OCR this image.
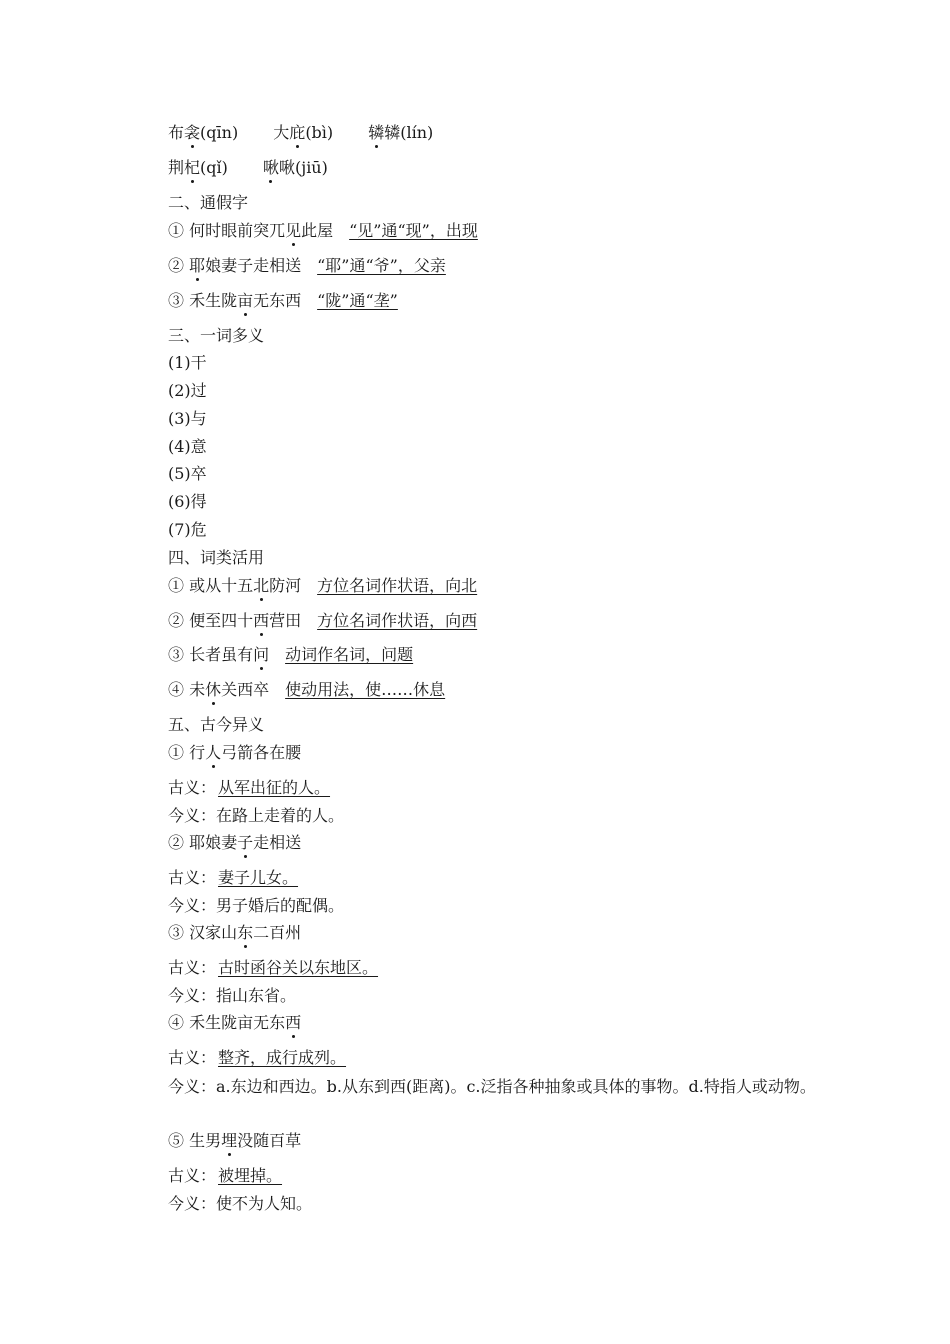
布衾(qīn) 大庇(bì) 辚辚(lín)
荆杞(qǐ) 啾啾(jiū)
二、通假字
① 何时眼前突兀见此屋 “见”通“现”，出现
② 耶娘妻子走相送 “耶”通“爷”，父亲
③ 禾生陇亩无东西 “陇”通“垄”
三、一词多义
(1)干
(2)过
(3)与
(4)意
(5)卒
(6)得
(7)危
四、词类活用
① 或从十五北防河 方位名词作状语，向北
② 便至四十西营田 方位名词作状语，向西
③ 长者虽有问 动词作名词，问题
④ 未休关西卒 使动用法，使……休息
五、古今异义
① 行人弓箭各在腰
古义： 从军出征的人。
今义：在路上走着的人。
② 耶娘妻子走相送
古义： 妻子儿女。
今义：男子婚后的配偶。
③ 汉家山东二百州
古义： 古时函谷关以东地区。
今义：指山东省。
④ 禾生陇亩无东西
古义： 整齐，成行成列。
今义：a.东边和西边。b.从东到西(距离)。c.泛指各种抽象或具体的事物。d.特指人或动物。
⑤ 生男埋没随百草
古义： 被埋掉。
今义：使不为人知。
